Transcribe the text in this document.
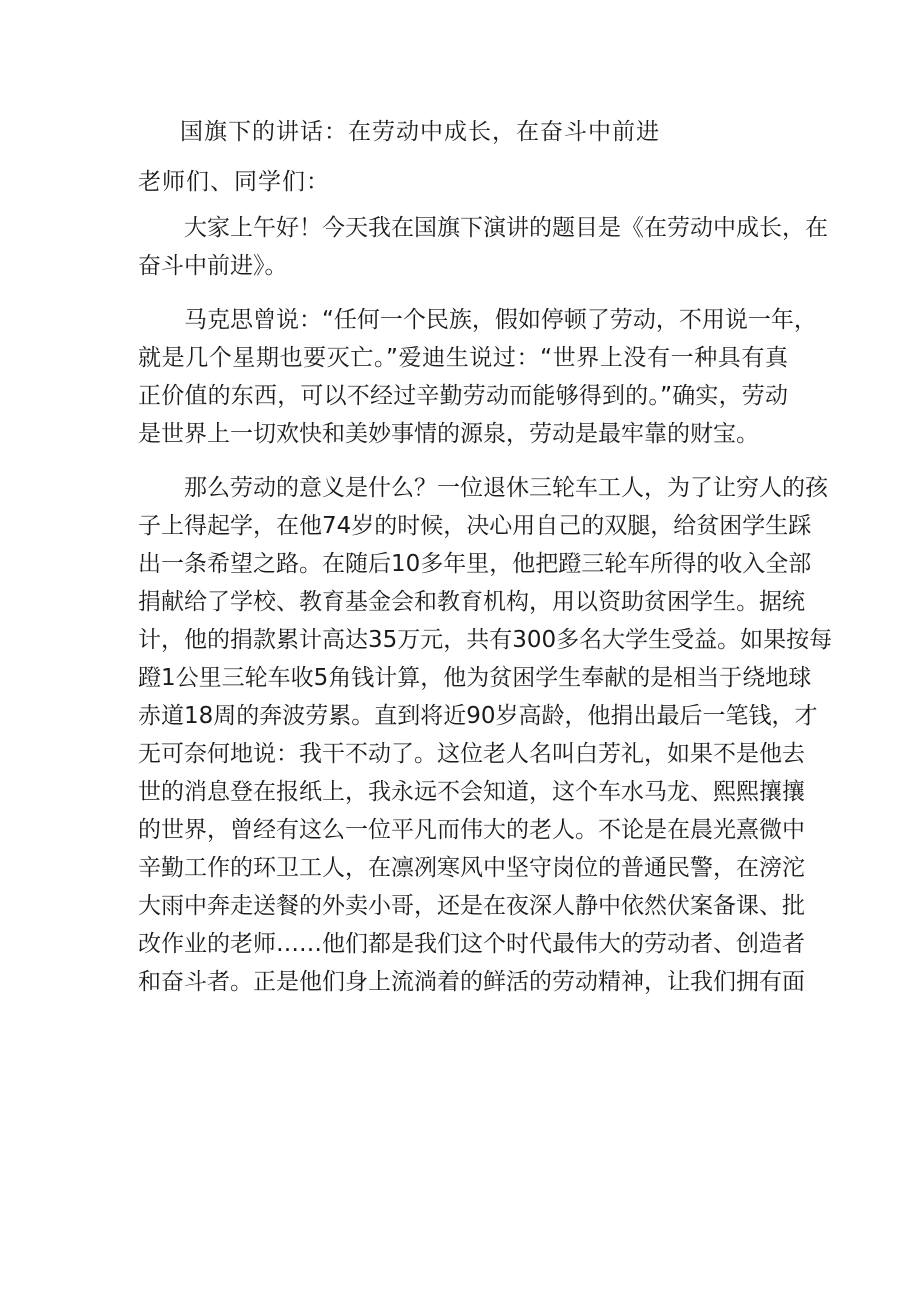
国旗下的讲话：在劳动中成长，在奋斗中前进

老师们、同学们：

大家上午好！今天我在国旗下演讲的题目是《在劳动中成长，在
奋斗中前进》。
马克思曾说：“任何一个民族，假如停顿了劳动，不用说一年，
就是几个星期也要灭亡。”爱迪生说过：“世界上没有一种具有真
正价值的东西，可以不经过辛勤劳动而能够得到的。”确实，劳动
是世界上一切欢快和美妙事情的源泉，劳动是最牢靠的财宝。
那么劳动的意义是什么？一位退休三轮车工人，为了让穷人的孩
子上得起学，在他74岁的时候，决心用自己的双腿，给贫困学生踩
出一条希望之路。在随后10多年里，他把蹬三轮车所得的收入全部
捐献给了学校、教育基金会和教育机构，用以资助贫困学生。据统
计，他的捐款累计高达35万元，共有300多名大学生受益。如果按每
蹬1公里三轮车收5角钱计算，他为贫困学生奉献的是相当于绕地球
赤道18周的奔波劳累。直到将近90岁高龄，他捐出最后一笔钱，才
无可奈何地说：我干不动了。这位老人名叫白芳礼，如果不是他去
世的消息登在报纸上，我永远不会知道，这个车水马龙、熙熙攘攘
的世界，曾经有这么一位平凡而伟大的老人。不论是在晨光熹微中
辛勤工作的环卫工人，在凛冽寒风中坚守岗位的普通民警，在滂沱
大雨中奔走送餐的外卖小哥，还是在夜深人静中依然伏案备课、批
改作业的老师……他们都是我们这个时代最伟大的劳动者、创造者
和奋斗者。正是他们身上流淌着的鲜活的劳动精神，让我们拥有面
